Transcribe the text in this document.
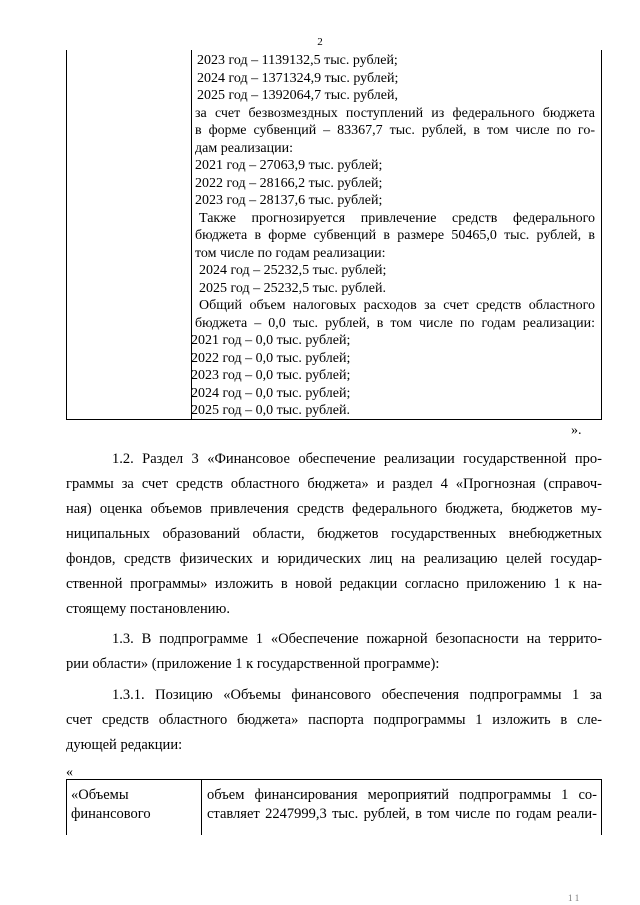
2
2023 год – 1139132,5 тыс. рублей;
2024 год – 1371324,9 тыс. рублей;
2025 год – 1392064,7 тыс. рублей,
за счет безвозмездных поступлений из федерального бюджета
в форме субвенций – 83367,7 тыс. рублей, в том числе по го-
дам реализации:
2021 год – 27063,9 тыс. рублей;
2022 год – 28166,2 тыс. рублей;
2023 год – 28137,6 тыс. рублей;
Также прогнозируется привлечение средств федерального
бюджета в форме субвенций в размере 50465,0 тыс. рублей, в
том числе по годам реализации:
2024 год – 25232,5 тыс. рублей;
2025 год – 25232,5 тыс. рублей.
Общий объем налоговых расходов за счет средств областного
бюджета – 0,0 тыс. рублей, в том числе по годам реализации:
2021 год – 0,0 тыс. рублей;
2022 год – 0,0 тыс. рублей;
2023 год – 0,0 тыс. рублей;
2024 год – 0,0 тыс. рублей;
2025 год – 0,0 тыс. рублей.
».
1.2. Раздел 3 «Финансовое обеспечение реализации государственной про-
граммы за счет средств областного бюджета» и раздел 4 «Прогнозная (справоч-
ная) оценка объемов привлечения средств федерального бюджета, бюджетов му-
ниципальных образований области, бюджетов государственных внебюджетных
фондов, средств физических и юридических лиц на реализацию целей государ-
ственной программы» изложить в новой редакции согласно приложению 1 к на-
стоящему постановлению.
1.3. В подпрограмме 1 «Обеспечение пожарной безопасности на террито-
рии области» (приложение 1 к государственной программе):
1.3.1. Позицию «Объемы финансового обеспечения подпрограммы 1 за
счет средств областного бюджета» паспорта подпрограммы 1 изложить в сле-
дующей редакции:
«
«Объемы
финансового
объем финансирования мероприятий подпрограммы 1 со-
ставляет 2247999,3 тыс. рублей, в том числе по годам реали-
1 1
